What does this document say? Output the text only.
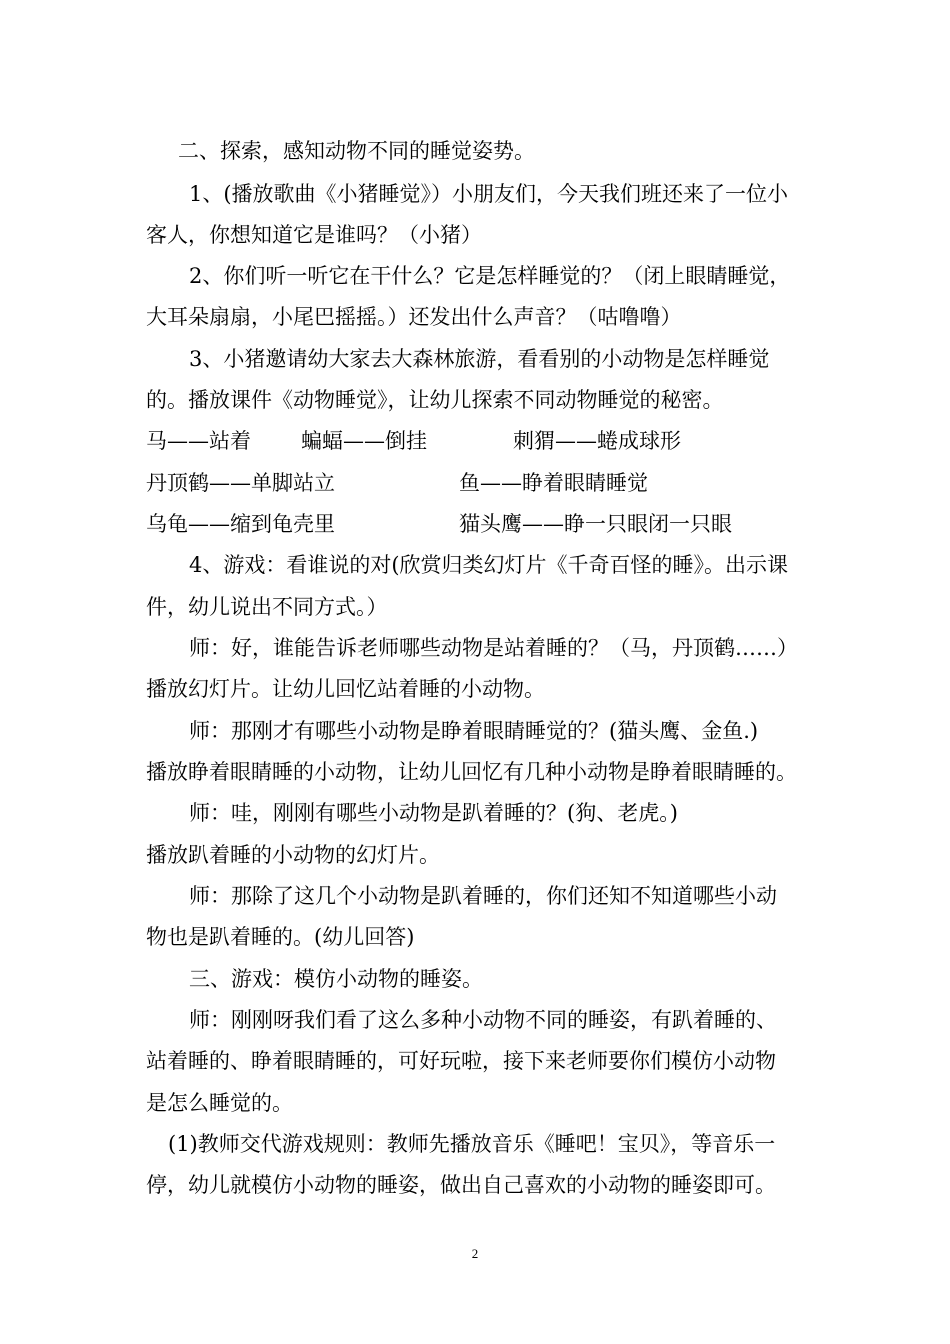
二、探索，感知动物不同的睡觉姿势。
1、(播放歌曲《小猪睡觉》）小朋友们，今天我们班还来了一位小
客人，你想知道它是谁吗？（小猪）
2、你们听一听它在干什么？它是怎样睡觉的？（闭上眼睛睡觉，
大耳朵扇扇，小尾巴摇摇。）还发出什么声音？（咕噜噜）
3、小猪邀请幼大家去大森林旅游，看看别的小动物是怎样睡觉
的。播放课件《动物睡觉》，让幼儿探索不同动物睡觉的秘密。
马——站着 蝙蝠——倒挂	刺猬——蜷成球形
丹顶鹤——单脚站立	鱼——睁着眼睛睡觉
乌龟——缩到龟壳里	猫头鹰——睁一只眼闭一只眼
4、游戏：看谁说的对(欣赏归类幻灯片《千奇百怪的睡》。出示课
件，幼儿说出不同方式。）
师：好，谁能告诉老师哪些动物是站着睡的？（马，丹顶鹤……）
播放幻灯片。让幼儿回忆站着睡的小动物。
师：那刚才有哪些小动物是睁着眼睛睡觉的？(猫头鹰、金鱼.)
播放睁着眼睛睡的小动物，让幼儿回忆有几种小动物是睁着眼睛睡的。
师：哇，刚刚有哪些小动物是趴着睡的？(狗、老虎。)
播放趴着睡的小动物的幻灯片。
师：那除了这几个小动物是趴着睡的，你们还知不知道哪些小动
物也是趴着睡的。(幼儿回答)
三、游戏：模仿小动物的睡姿。
师：刚刚呀我们看了这么多种小动物不同的睡姿，有趴着睡的、
站着睡的、睁着眼睛睡的，可好玩啦，接下来老师要你们模仿小动物
是怎么睡觉的。
(1)教师交代游戏规则：教师先播放音乐《睡吧！宝贝》，等音乐一
停，幼儿就模仿小动物的睡姿，做出自己喜欢的小动物的睡姿即可。
2
